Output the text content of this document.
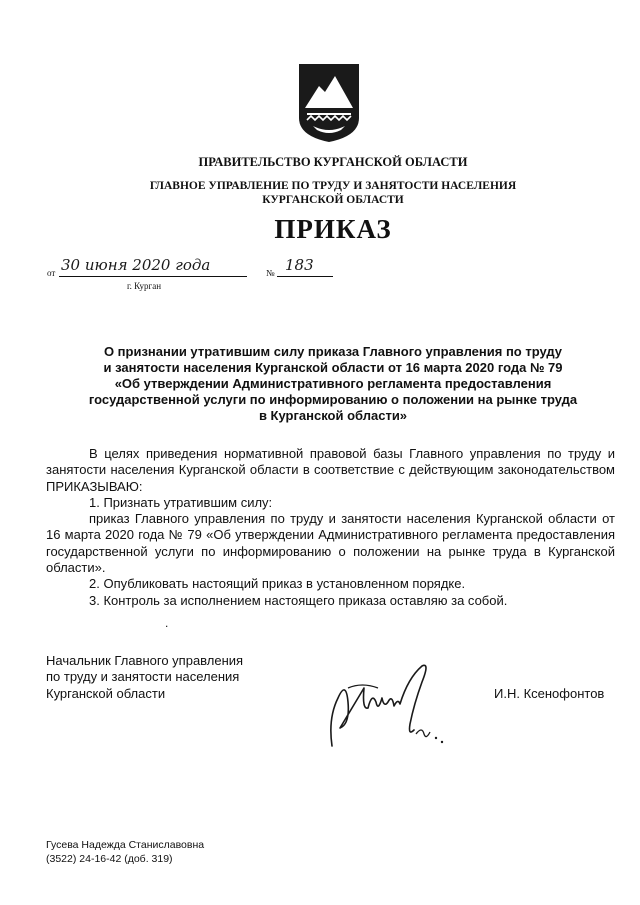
ПРАВИТЕЛЬСТВО КУРГАНСКОЙ ОБЛАСТИ
ГЛАВНОЕ УПРАВЛЕНИЕ ПО ТРУДУ И ЗАНЯТОСТИ НАСЕЛЕНИЯ
КУРГАНСКОЙ ОБЛАСТИ
ПРИКАЗ
от 30 июня 2020 года	№ 183
г. Курган
О признании утратившим силу приказа Главного управления по труду
и занятости населения Курганской области от 16 марта 2020 года № 79
«Об утверждении Административного регламента предоставления
государственной услуги по информированию о положении на рынке труда
в Курганской области»

В целях приведения нормативной правовой базы Главного управления по труду и занятости населения Курганской области в соответствие с действующим законодательством ПРИКАЗЫВАЮ:

1. Признать утратившим силу:

приказ Главного управления по труду и занятости населения Курганской области от 16 марта 2020 года № 79 «Об утверждении Административного регламента предоставления государственной услуги по информированию о положении на рынке труда в Курганской области».

2. Опубликовать настоящий приказ в установленном порядке.

3. Контроль за исполнением настоящего приказа оставляю за собой.

.
Начальник Главного управления
по труду и занятости населения
Курганской области	И.Н. Ксенофонтов
Гусева Надежда Станиславовна
(3522) 24-16-42 (доб. 319)
